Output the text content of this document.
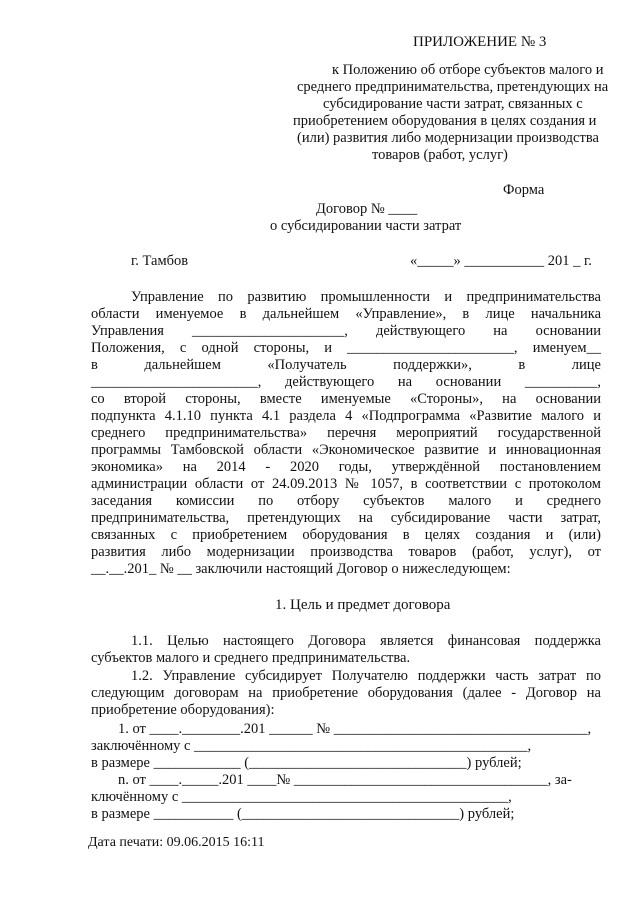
ПРИЛОЖЕНИЕ № 3
к Положению об отборе субъектов малого и
среднего предпринимательства, претендующих на
субсидирование части затрат, связанных с
приобретением оборудования в целях создания и
(или) развития либо модернизации производства
товаров (работ, услуг)
Форма
Договор № ____
о субсидировании части затрат
г. Тамбов	«_____» ___________ 201 _ г.
Управление по развитию промышленности и предпринимательства
области именуемое в дальнейшем «Управление», в лице начальника
Управления _____________________, действующего на основании
Положения, с одной стороны, и _______________________, именуем__
в дальнейшем «Получатель поддержки», в лице
_______________________, действующего на основании __________,
со второй стороны, вместе именуемые «Стороны», на основании
подпункта 4.1.10 пункта 4.1 раздела 4 «Подпрограмма «Развитие малого и
среднего предпринимательства» перечня мероприятий государственной
программы Тамбовской области «Экономическое развитие и инновационная
экономика» на 2014 - 2020 годы, утверждённой постановлением
администрации области от 24.09.2013 № 1057, в соответствии с протоколом
заседания комиссии по отбору субъектов малого и среднего
предпринимательства, претендующих на субсидирование части затрат,
связанных с приобретением оборудования в целях создания и (или)
развития либо модернизации производства товаров (работ, услуг), от
__.__.201_ № __ заключили настоящий Договор о нижеследующем:
1. Цель и предмет договора
1.1. Целью настоящего Договора является финансовая поддержка
субъектов малого и среднего предпринимательства.
1.2. Управление субсидирует Получателю поддержки часть затрат по
следующим договорам на приобретение оборудования (далее - Договор на
приобретение оборудования):
1. от ____.________.201 ______ № ___________________________________,
заключённому с ______________________________________________,
в размере ____________ (______________________________) рублей;
n. от ____._____.201 ____№ ___________________________________, за-
ключённому с _____________________________________________,
в размере ___________ (______________________________) рублей;
Дата печати: 09.06.2015 16:11
